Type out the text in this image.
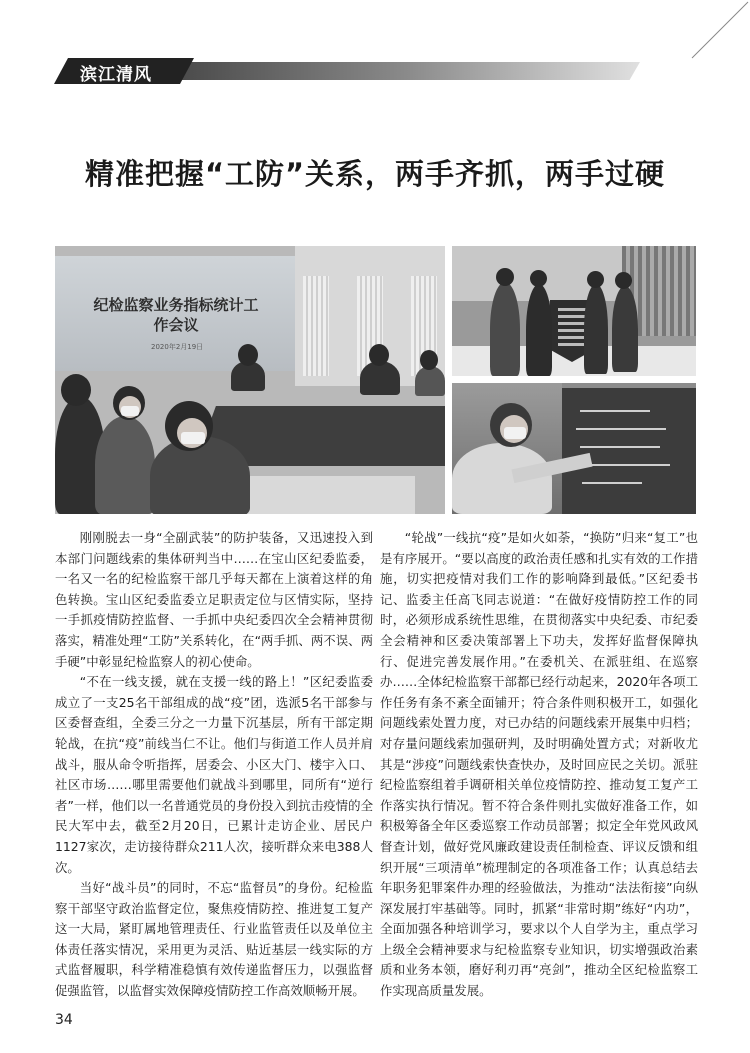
滨江清风
精准把握“工防”关系，两手齐抓，两手过硬
纪检监察业务指标统计工作会议
2020年2月19日

刚刚脱去一身“全副武装”的防护装备，又迅速投入到本部门问题线索的集体研判当中……在宝山区纪委监委，一名又一名的纪检监察干部几乎每天都在上演着这样的角色转换。宝山区纪委监委立足职责定位与区情实际，坚持一手抓疫情防控监督、一手抓中央纪委四次全会精神贯彻落实，精准处理“工防”关系转化，在“两手抓、两不误、两手硬”中彰显纪检监察人的初心使命。

“不在一线支援，就在支援一线的路上！”区纪委监委成立了一支25名干部组成的战“疫”团，选派5名干部参与区委督查组，全委三分之一力量下沉基层，所有干部定期轮战，在抗“疫”前线当仁不让。他们与街道工作人员并肩战斗，服从命令听指挥，居委会、小区大门、楼宇入口、社区市场……哪里需要他们就战斗到哪里，同所有“逆行者”一样，他们以一名普通党员的身份投入到抗击疫情的全民大军中去，截至2月20日，已累计走访企业、居民户1127家次，走访接待群众211人次，接听群众来电388人次。

当好“战斗员”的同时，不忘“监督员”的身份。纪检监察干部坚守政治监督定位，聚焦疫情防控、推进复工复产这一大局，紧盯属地管理责任、行业监管责任以及单位主体责任落实情况，采用更为灵活、贴近基层一线实际的方式监督履职，科学精准稳慎有效传递监督压力，以强监督促强监管，以监督实效保障疫情防控工作高效顺畅开展。

“轮战”一线抗“疫”是如火如荼，“换防”归来“复工”也是有序展开。“要以高度的政治责任感和扎实有效的工作措施，切实把疫情对我们工作的影响降到最低。”区纪委书记、监委主任高飞同志说道：“在做好疫情防控工作的同时，必须形成系统性思维，在贯彻落实中央纪委、市纪委全会精神和区委决策部署上下功夫，发挥好监督保障执行、促进完善发展作用。”在委机关、在派驻组、在巡察办……全体纪检监察干部都已经行动起来，2020年各项工作任务有条不紊全面铺开；符合条件则积极开工，如强化问题线索处置力度，对已办结的问题线索开展集中归档；对存量问题线索加强研判，及时明确处置方式；对新收尤其是“涉疫”问题线索快查快办，及时回应民之关切。派驻纪检监察组着手调研相关单位疫情防控、推动复工复产工作落实执行情况。暂不符合条件则扎实做好准备工作，如积极筹备全年区委巡察工作动员部署；拟定全年党风政风督查计划，做好党风廉政建设责任制检查、评议反馈和组织开展“三项清单”梳理制定的各项准备工作；认真总结去年职务犯罪案件办理的经验做法，为推动“法法衔接”向纵深发展打牢基础等。同时，抓紧“非常时期”练好“内功”，全面加强各种培训学习，要求以个人自学为主，重点学习上级全会精神要求与纪检监察专业知识，切实增强政治素质和业务本领，磨好利刃再“亮剑”，推动全区纪检监察工作实现高质量发展。

34
